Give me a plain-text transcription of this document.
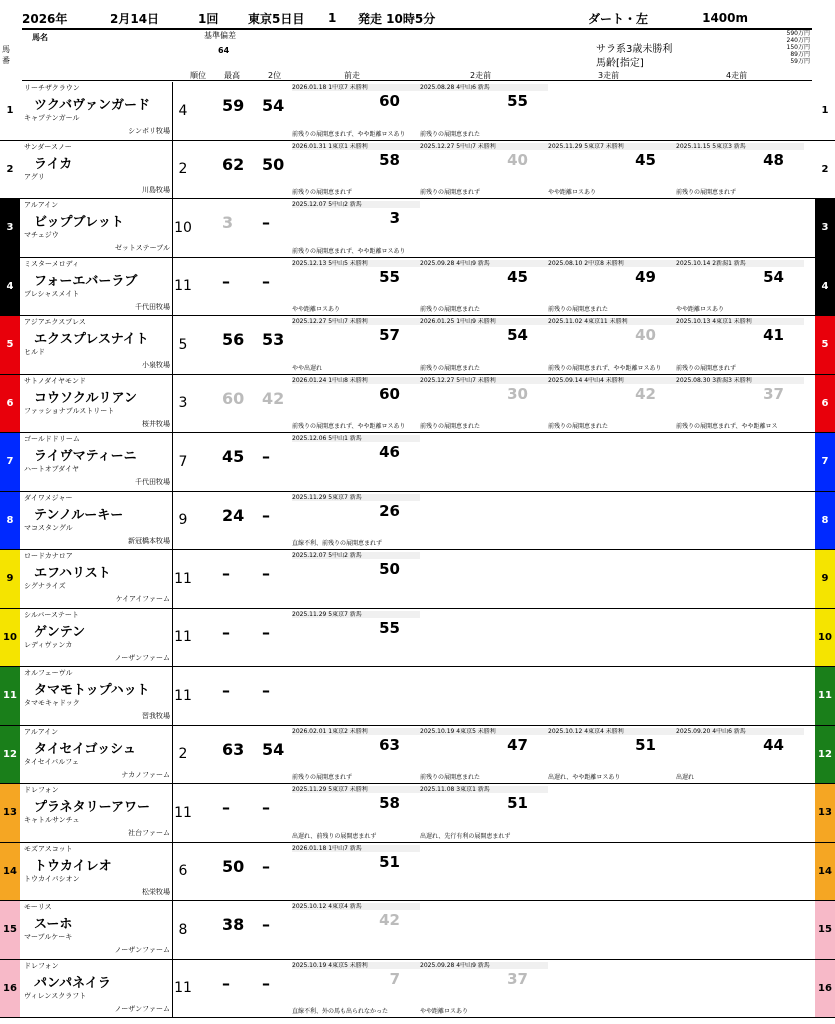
2026年	2月14日	1回	東京5日目	1	発走 10時5分	ダート・左	1400m
馬番
馬名	基準偏差
64
順位 最高	2位	前走	2走前	3走前	4走前
サラ系3歳未勝利
馬齢[指定]
590万円
240万円
150万円
89万円
59万円
1	1
リーチザクラウン
ツクバヴァンガード
キャプテンガール
シンボリ牧場
4	59 54
2026.01.18 1中京7 未勝利
60
前残りの展開恵まれず、やや距離ロスあり
2025.08.28 4中山6 新馬
55
前残りの展開恵まれた
2	2
サンダースノー
ライカ
アグリ
川島牧場
2	62 50
2026.01.31 1東京1 未勝利
58
前残りの展開恵まれず
2025.12.27 5中山7 未勝利
40
前残りの展開恵まれず
2025.11.29 5東京7 未勝利
45
やや距離ロスあり
2025.11.15 5東京3 新馬
48
前残りの展開恵まれず
3	3
アルアイン
ビップブレット
マチェジウ
ゼットステーブル
10 3 –
2025.12.07 5中山2 新馬
3
前残りの展開恵まれず、やや距離ロスあり
4	4
ミスターメロディ
フォーエバーラブ
ブレシャスメイト
千代田牧場
11 – –
2025.12.13 5中山5 未勝利
55
やや距離ロスあり
2025.09.28 4中山9 新馬
45
前残りの展開恵まれた
2025.08.10 2中京8 未勝利
49
前残りの展開恵まれた
2025.10.14 2新潟1 新馬
54
やや距離ロスあり
5	5
アジアエクスプレス
エクスプレスナイト
ヒルド
小泉牧場
5	56 53
2025.12.27 5中山7 未勝利
57
やや出遅れ
2026.01.25 1中山9 未勝利
54
前残りの展開恵まれた
2025.11.02 4東京11 未勝利
40
前残りの展開恵まれず、やや距離ロスあり
2025.10.13 4東京1 未勝利
41
前残りの展開恵まれず
6	6
サトノダイヤモンド
コウソクルリアン
ファッショナブルストリート
桜井牧場
3	60 42
2026.01.24 1中山8 未勝利
60
前残りの展開恵まれず、やや距離ロスあり
2025.12.27 5中山7 未勝利
30
前残りの展開恵まれた
2025.09.14 4中山4 未勝利
42
前残りの展開恵まれた
2025.08.30 3新潟3 未勝利
37
前残りの展開恵まれず、やや距離ロス
7	7
ゴールドドリーム
ライヴマティーニ
ハートオブダイヤ
千代田牧場
7	45 –
2025.12.06 5中山1 新馬
46
8	8
ダイワメジャー
テンノルーキー
マコスタングル
新冠橋本牧場
9	24 –
2025.11.29 5東京7 新馬
26
直線不利、前残りの展開恵まれず
9	9
ロードカナロア
エフハリスト
シグナライズ
ケイアイファーム
11 – –
2025.12.07 5中山2 新馬
50
10	10
シルバーステート
ゲンテン
レディヴァンカ
ノーザンファーム
11 – –
2025.11.29 5東京7 新馬
55
11	11
オルフェーヴル
タマモトップハット
タマモキャドック
習我牧場
11 – –
12	12
アルアイン
タイセイゴッシュ
タイセイパルフェ
ナカノファーム
2	63 54
2026.02.01 1東京2 未勝利
63
前残りの展開恵まれず
2025.10.19 4東京5 未勝利
47
前残りの展開恵まれた
2025.10.12 4東京4 未勝利
51
出遅れ、やや距離ロスあり
2025.09.20 4中山6 新馬
44
出遅れ
13	13
ドレフォン
プラネタリーアワー
キャトルサンチュ
社台ファーム
11 – –
2025.11.29 5東京7 未勝利
58
出遅れ、前残りの展開恵まれず
2025.11.08 3東京1 新馬
51
出遅れ、先行有利の展開恵まれず
14	14
モズアスコット
トウカイレオ
トウカイパシオン
松栄牧場
6	50 –
2026.01.18 1中山7 新馬
51
15	15
モーリス
スーホ
マーブルケーキ
ノーザンファーム
8	38 –
2025.10.12 4東京4 新馬
42
16	16
ドレフォン
パンパネイラ
ヴィレンスクラフト
ノーザンファーム
11 – –
2025.10.19 4東京5 未勝利
7
直線不利、外の馬も出られなかった
2025.09.28 4中山9 新馬
37
やや距離ロスあり
